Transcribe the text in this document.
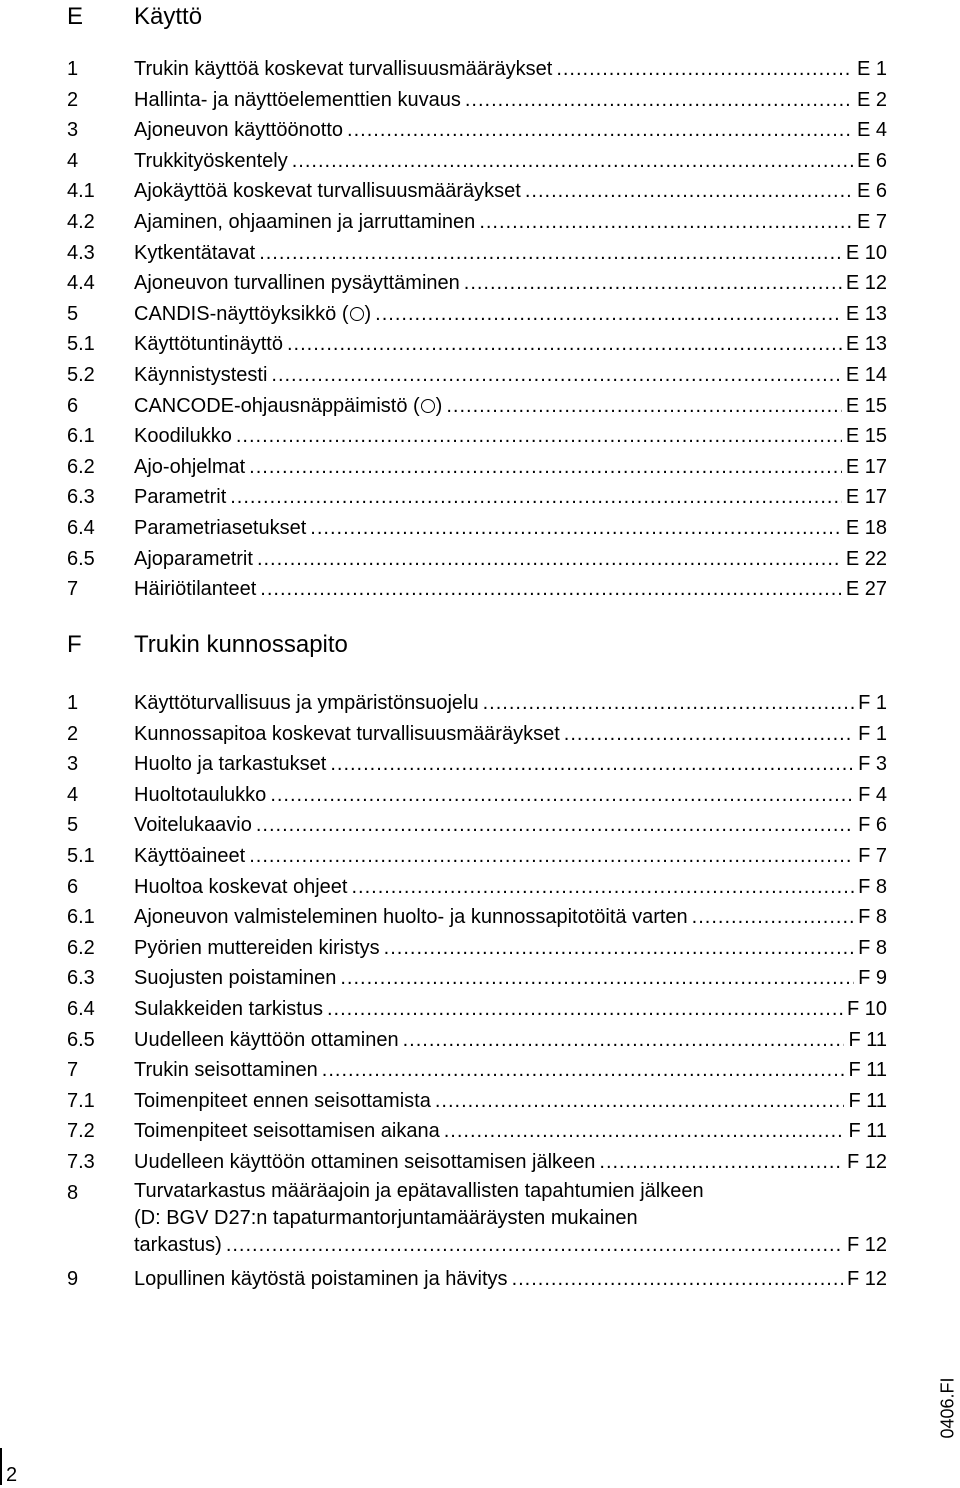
E Käyttö
1	Trukin käyttöä koskevat turvallisuusmääräykset .....	E 1
2	Hallinta- ja näyttöelementtien kuvaus .....	E 2
3	Ajoneuvon käyttöönotto .....	E 4
4	Trukkityöskentely .....	E 6
4.1 Ajokäyttöä koskevat turvallisuusmääräykset .....	E 6
4.2 Ajaminen, ohjaaminen ja jarruttaminen .....	E 7
4.3 Kytkentätavat .....	E 10
4.4 Ajoneuvon turvallinen pysäyttäminen .....	E 12
5	CANDIS-näyttöyksikkö ( ) .....	E 13
5.1 Käyttötuntinäyttö .....	E 13
5.2 Käynnistystesti .....	E 14
6	CANCODE-ohjausnäppäimistö ( ) .....	E 15
6.1 Koodilukko .....	E 15
6.2 Ajo-ohjelmat .....	E 17
6.3 Parametrit .....	E 17
6.4 Parametriasetukset .....	E 18
6.5 Ajoparametrit .....	E 22
7	Häiriötilanteet .....	E 27
F Trukin kunnossapito
1	Käyttöturvallisuus ja ympäristönsuojelu .....	F 1
2	Kunnossapitoa koskevat turvallisuusmääräykset .....	F 1
3	Huolto ja tarkastukset .....	F 3
4	Huoltotaulukko .....	F 4
5	Voitelukaavio .....	F 6
5.1 Käyttöaineet .....	F 7
6	Huoltoa koskevat ohjeet .....	F 8
6.1 Ajoneuvon valmisteleminen huolto- ja kunnossapitotöitä varten .....	F 8
6.2 Pyörien muttereiden kiristys .....	F 8
6.3 Suojusten poistaminen .....	F 9
6.4 Sulakkeiden tarkistus .....	F 10
6.5 Uudelleen käyttöön ottaminen .....	F 11
7	Trukin seisottaminen .....	F 11
7.1 Toimenpiteet ennen seisottamista .....	F 11
7.2 Toimenpiteet seisottamisen aikana .....	F 11
7.3 Uudelleen käyttöön ottaminen seisottamisen jälkeen .....	F 12
8	Turvatarkastus määräajoin ja epätavallisten tapahtumien jälkeen
(D: BGV D27:n tapaturmantorjuntamääräysten mukainen
tarkastus) .....	F 12
9	Lopullinen käytöstä poistaminen ja hävitys .....	F 12
0406.FI
2
